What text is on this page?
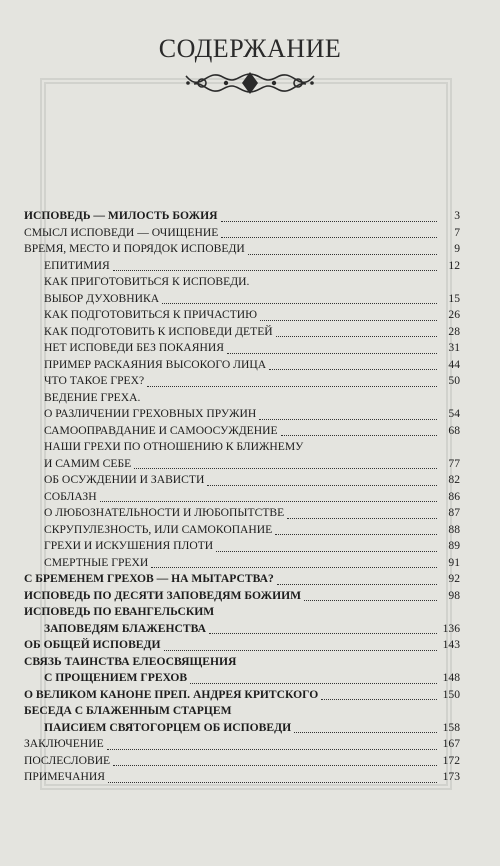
СОДЕРЖАНИЕ
ИСПОВЕДЬ — МИЛОСТЬ БОЖИЯ	3
СМЫСЛ ИСПОВЕДИ — ОЧИЩЕНИЕ	7
ВРЕМЯ, МЕСТО И ПОРЯДОК ИСПОВЕДИ	9
ЕПИТИМИЯ	12
КАК ПРИГОТОВИТЬСЯ К ИСПОВЕДИ.
ВЫБОР ДУХОВНИКА	15
КАК ПОДГОТОВИТЬСЯ К ПРИЧАСТИЮ	26
КАК ПОДГОТОВИТЬ К ИСПОВЕДИ ДЕТЕЙ	28
НЕТ ИСПОВЕДИ БЕЗ ПОКАЯНИЯ	31
ПРИМЕР РАСКАЯНИЯ ВЫСОКОГО ЛИЦА	44
ЧТО ТАКОЕ ГРЕХ?	50
ВЕДЕНИЕ ГРЕХА.
О РАЗЛИЧЕНИИ ГРЕХОВНЫХ ПРУЖИН	54
САМООПРАВДАНИЕ И САМООСУЖДЕНИЕ	68
НАШИ ГРЕХИ ПО ОТНОШЕНИЮ К БЛИЖНЕМУ
И САМИМ СЕБЕ	77
ОБ ОСУЖДЕНИИ И ЗАВИСТИ	82
СОБЛАЗН	86
О ЛЮБОЗНАТЕЛЬНОСТИ И ЛЮБОПЫТСТВЕ	87
СКРУПУЛЕЗНОСТЬ, ИЛИ САМОКОПАНИЕ	88
ГРЕХИ И ИСКУШЕНИЯ ПЛОТИ	89
СМЕРТНЫЕ ГРЕХИ	91
С БРЕМЕНЕМ ГРЕХОВ — НА МЫТАРСТВА?	92
ИСПОВЕДЬ ПО ДЕСЯТИ ЗАПОВЕДЯМ БОЖИИМ	98
ИСПОВЕДЬ ПО ЕВАНГЕЛЬСКИМ
ЗАПОВЕДЯМ БЛАЖЕНСТВА	136
ОБ ОБЩЕЙ ИСПОВЕДИ	143
СВЯЗЬ ТАИНСТВА ЕЛЕОСВЯЩЕНИЯ
С ПРОЩЕНИЕМ ГРЕХОВ	148
О ВЕЛИКОМ КАНОНЕ ПРЕП. АНДРЕЯ КРИТСКОГО	150
БЕСЕДА С БЛАЖЕННЫМ СТАРЦЕМ
ПАИСИЕМ СВЯТОГОРЦЕМ ОБ ИСПОВЕДИ	158
ЗАКЛЮЧЕНИЕ	167
ПОСЛЕСЛОВИЕ	172
ПРИМЕЧАНИЯ	173
